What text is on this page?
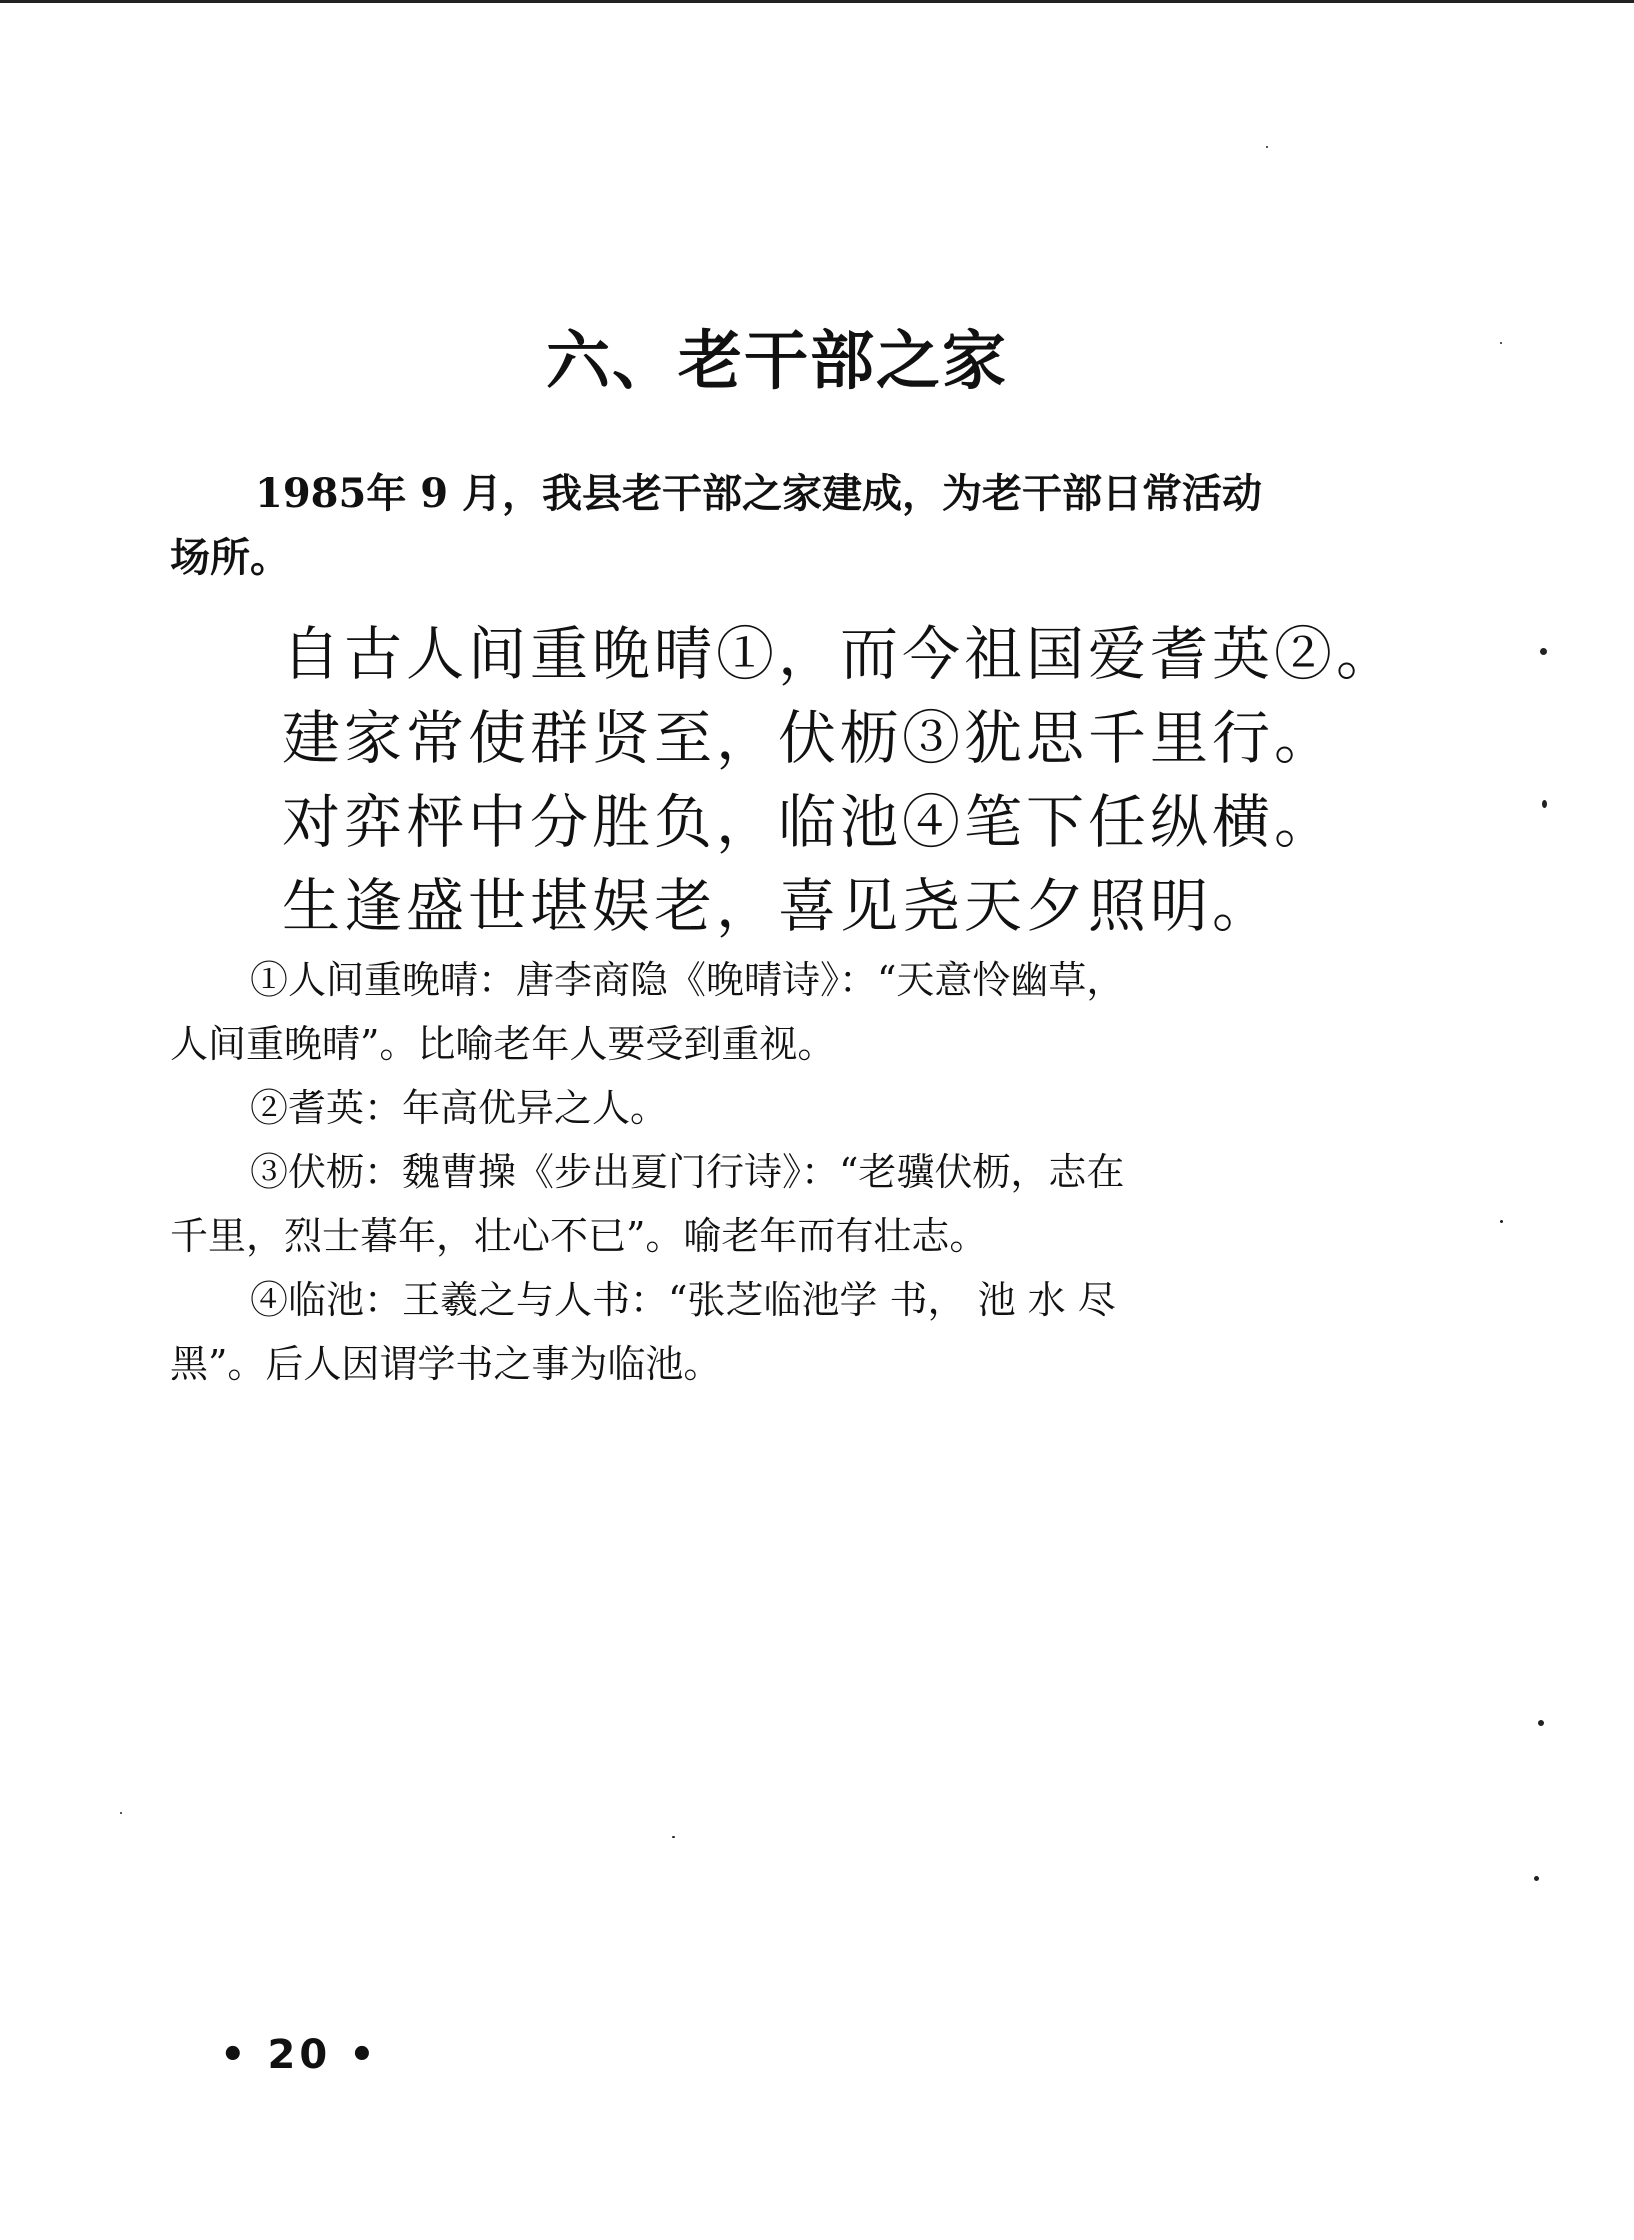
六、老干部之家

1985年 9 月，我县老干部之家建成，为老干部日常活动
场所。

自古人间重晚晴①，而今祖国爱耆英②。
建家常使群贤至，伏枥③犹思千里行。
对弈枰中分胜负，临池④笔下任纵横。
生逢盛世堪娱老，喜见尧天夕照明。
①人间重晚晴：唐李商隐《晚晴诗》：“天意怜幽草，
人间重晚晴”。比喻老年人要受到重视。
②耆英：年高优异之人。
③伏枥：魏曹操《步出夏门行诗》：“老骥伏枥，志在
千里，烈士暮年，壮心不已”。喻老年而有壮志。
④临池：王羲之与人书：“张芝临池学 书， 池 水 尽
黑”。后人因谓学书之事为临池。
• 20 •
